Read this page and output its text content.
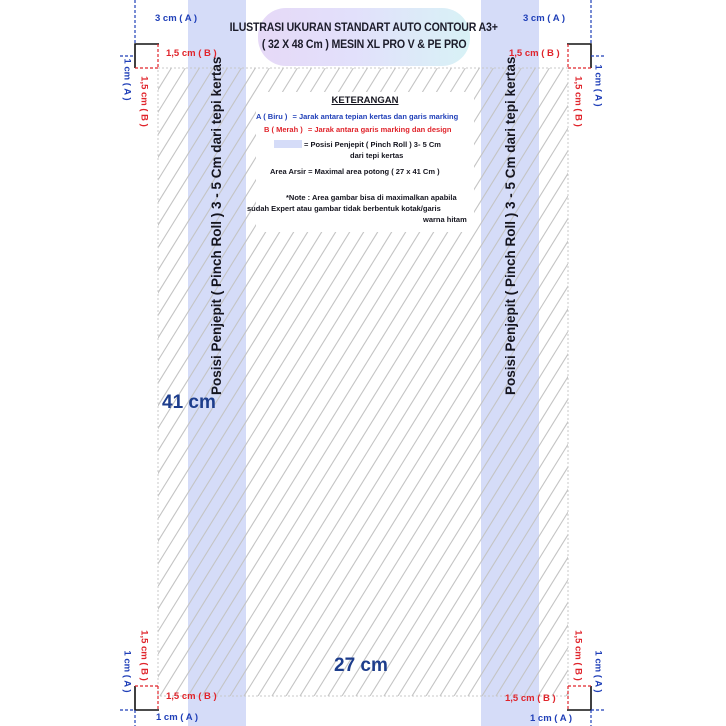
ILUSTRASI UKURAN STANDART AUTO CONTOUR A3+
( 32 X 48 Cm ) MESIN XL PRO V & PE PRO
KETERANGAN
A ( Biru ) = Jarak antara tepian kertas dan garis marking
B ( Merah ) = Jarak antara garis marking dan design
= Posisi Penjepit ( Pinch Roll ) 3- 5 Cm
dari tepi kertas
Area Arsir = Maximal area potong ( 27 x 41 Cm )
*Note : Area gambar bisa di maximalkan apabila
sudah Expert atau gambar tidak berbentuk kotak/garis
warna hitam
3 cm ( A )	3 cm ( A )
1,5 cm ( B )	1,5 cm ( B )
1,5 cm ( B )	1,5 cm ( B )
1 cm ( A )	1 cm ( A )
1 cm ( A ) 1,5 cm ( B )	1 cm ( A )
1,5 cm ( B )
1,5 cm ( B )
1 cm ( A )	1,5 cm ( B ) 1 cm ( A )
Posisi Penjepit ( Pinch Roll ) 3 - 5 Cm dari tepi kertas	Posisi Penjepit ( Pinch Roll ) 3 - 5 Cm dari tepi kertas
41 cm
27 cm
